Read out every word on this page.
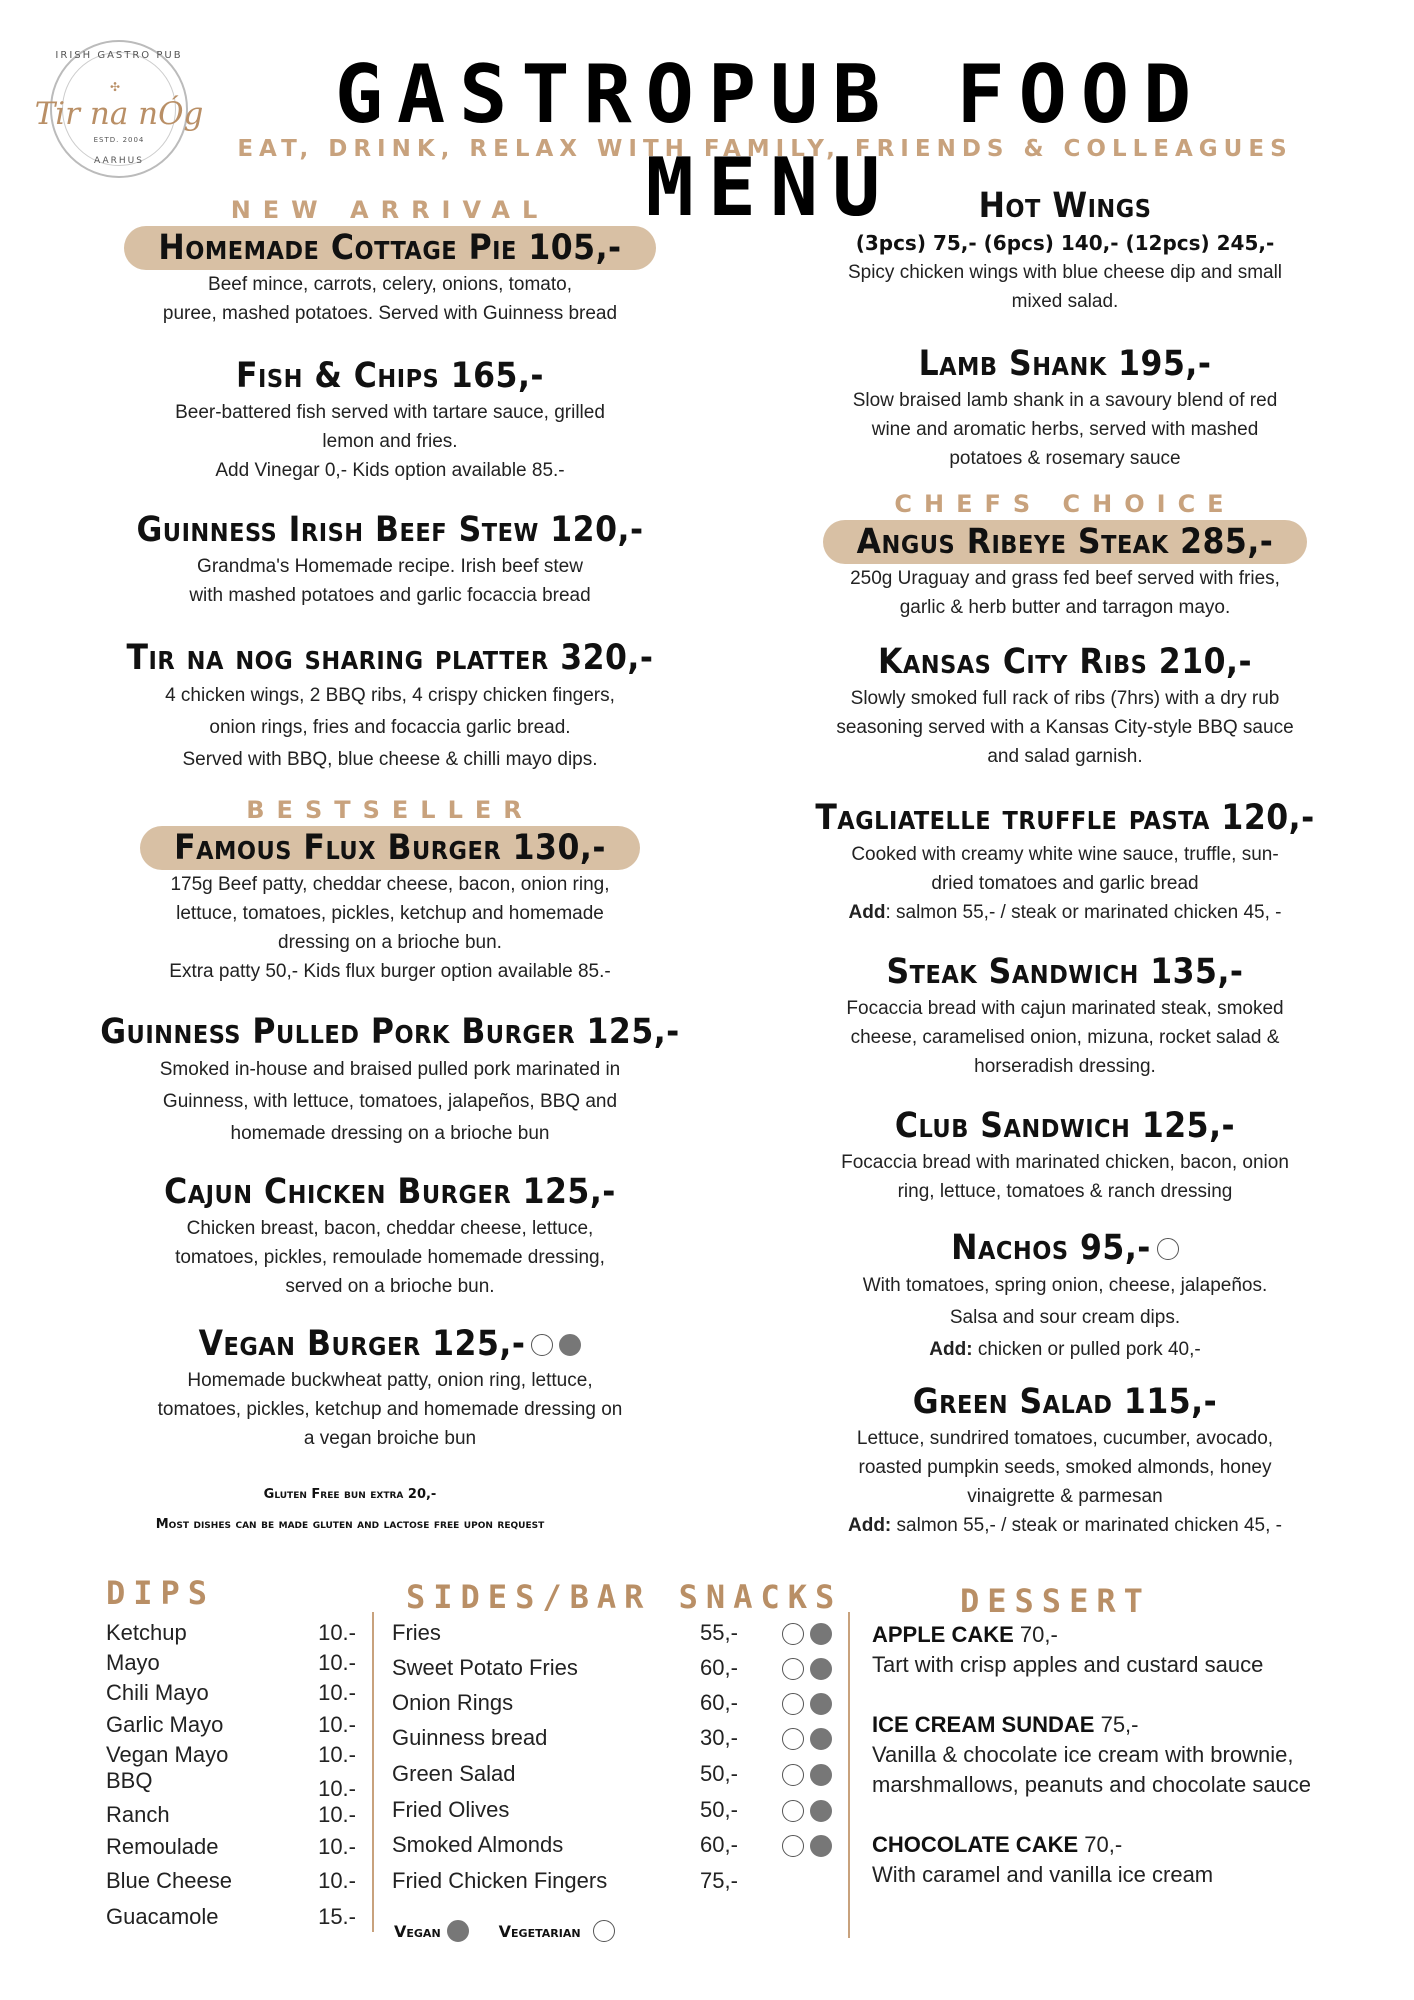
IRISH GASTRO PUB
✣
Tir na nÓg
ESTD. 2004
AARHUS
GASTROPUB FOOD MENU
EAT, DRINK, RELAX WITH FAMILY, FRIENDS & COLLEAGUES
NEW ARRIVAL
Homemade Cottage Pie 105,-
Beef mince, carrots, celery, onions, tomato,
puree, mashed potatoes. Served with Guinness bread
Fish & Chips 165,-
Beer-battered fish served with tartare sauce, grilled
lemon and fries.
Add Vinegar 0,- Kids option available 85.-
Guinness Irish Beef Stew 120,-
Grandma's Homemade recipe. Irish beef stew
with mashed potatoes and garlic focaccia bread
Tir na nog sharing platter 320,-
4 chicken wings, 2 BBQ ribs, 4 crispy chicken fingers,
onion rings, fries and focaccia garlic bread.
Served with BBQ, blue cheese & chilli mayo dips.
BESTSELLER
Famous Flux Burger 130,-
175g Beef patty, cheddar cheese, bacon, onion ring,
lettuce, tomatoes, pickles, ketchup and homemade
dressing on a brioche bun.
Extra patty 50,- Kids flux burger option available 85.-
Guinness Pulled Pork Burger 125,-
Smoked in-house and braised pulled pork marinated in
Guinness, with lettuce, tomatoes, jalapeños, BBQ and
homemade dressing on a brioche bun
Cajun Chicken Burger 125,-
Chicken breast, bacon, cheddar cheese, lettuce,
tomatoes, pickles, remoulade homemade dressing,
served on a brioche bun.
Vegan Burger 125,-
Homemade buckwheat patty, onion ring, lettuce,
tomatoes, pickles, ketchup and homemade dressing on
a vegan broiche bun
Gluten Free bun extra 20,-
Most dishes can be made gluten and lactose free upon request
Hot Wings
(3pcs) 75,- (6pcs) 140,- (12pcs) 245,-
Spicy chicken wings with blue cheese dip and small
mixed salad.
Lamb Shank 195,-
Slow braised lamb shank in a savoury blend of red
wine and aromatic herbs, served with mashed
potatoes & rosemary sauce
CHEFS CHOICE
Angus Ribeye Steak 285,-
250g Uraguay and grass fed beef served with fries,
garlic & herb butter and tarragon mayo.
Kansas City Ribs 210,-
Slowly smoked full rack of ribs (7hrs) with a dry rub
seasoning served with a Kansas City-style BBQ sauce
and salad garnish.
Tagliatelle truffle pasta 120,-
Cooked with creamy white wine sauce, truffle, sun-
dried tomatoes and garlic bread
Add: salmon 55,- / steak or marinated chicken 45, -
Steak Sandwich 135,-
Focaccia bread with cajun marinated steak, smoked
cheese, caramelised onion, mizuna, rocket salad &
horseradish dressing.
Club Sandwich 125,-
Focaccia bread with marinated chicken, bacon, onion
ring, lettuce, tomatoes & ranch dressing
Nachos 95,-
With tomatoes, spring onion, cheese, jalapeños.
Salsa and sour cream dips.
Add: chicken or pulled pork 40,-
Green Salad 115,-
Lettuce, sundrired tomatoes, cucumber, avocado,
roasted pumpkin seeds, smoked almonds, honey
vinaigrette & parmesan
Add: salmon 55,- / steak or marinated chicken 45, -
DIPS
Ketchup	10.-
Mayo	10.-
Chili Mayo	10.-
Garlic Mayo	10.-
Vegan Mayo	10.-
BBQ	10.-
Ranch	10.-
Remoulade	10.-
Blue Cheese	10.-
Guacamole	15.-
SIDES/BAR SNACKS
Fries	55,-
Sweet Potato Fries	60,-
Onion Rings	60,-
Guinness bread	30,-
Green Salad	50,-
Fried Olives	50,-
Smoked Almonds	60,-
Fried Chicken Fingers	75,-
Vegan	Vegetarian
DESSERT
APPLE CAKE 70,-
Tart with crisp apples and custard sauce
ICE CREAM SUNDAE 75,-
Vanilla & chocolate ice cream with brownie, marshmallows, peanuts and chocolate sauce
CHOCOLATE CAKE 70,-
With caramel and vanilla ice cream
